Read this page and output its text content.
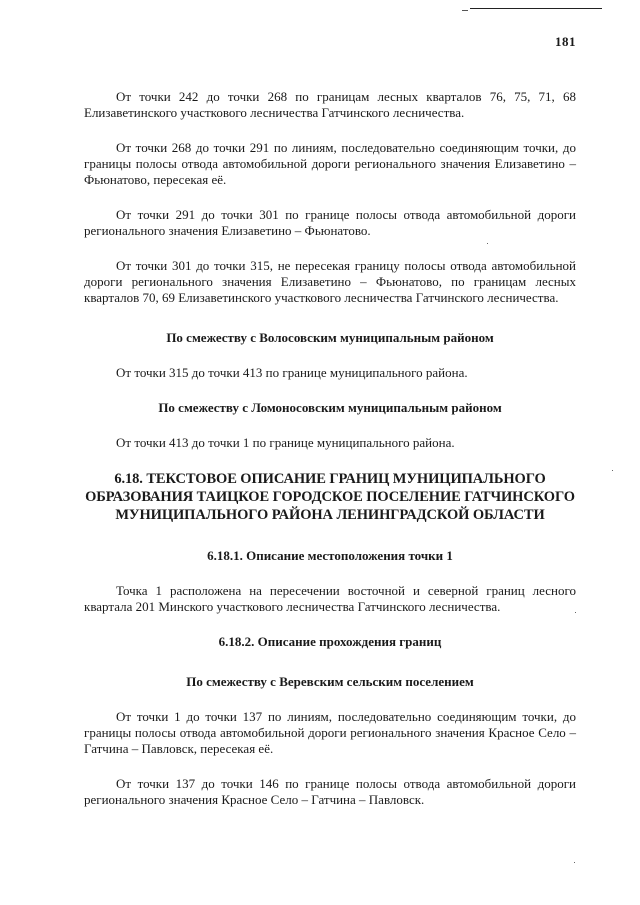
181

От точки 242 до точки 268 по границам лесных кварталов 76, 75, 71, 68 Елизаветинского участкового лесничества Гатчинского лесничества.

От точки 268 до точки 291 по линиям, последовательно соединяющим точки, до границы полосы отвода автомобильной дороги регионального значения Елизаветино – Фьюнатово, пересекая её.

От точки 291 до точки 301 по границе полосы отвода автомобильной дороги регионального значения Елизаветино – Фьюнатово.

От точки 301 до точки 315, не пересекая границу полосы отвода автомобильной дороги регионального значения Елизаветино – Фьюнатово, по границам лесных кварталов 70, 69 Елизаветинского участкового лесничества Гатчинского лесничества.

По смежеству с Волосовским муниципальным районом

От точки 315 до точки 413 по границе муниципального района.

По смежеству с Ломоносовским муниципальным районом

От точки 413 до точки 1 по границе муниципального района.

6.18. ТЕКСТОВОЕ ОПИСАНИЕ ГРАНИЦ МУНИЦИПАЛЬНОГО ОБРАЗОВАНИЯ ТАИЦКОЕ ГОРОДСКОЕ ПОСЕЛЕНИЕ ГАТЧИНСКОГО МУНИЦИПАЛЬНОГО РАЙОНА ЛЕНИНГРАДСКОЙ ОБЛАСТИ
6.18.1. Описание местоположения точки 1

Точка 1 расположена на пересечении восточной и северной границ лесного квартала 201 Минского участкового лесничества Гатчинского лесничества.

6.18.2. Описание прохождения границ
По смежеству с Веревским сельским поселением

От точки 1 до точки 137 по линиям, последовательно соединяющим точки, до границы полосы отвода автомобильной дороги регионального значения Красное Село – Гатчина – Павловск, пересекая её.

От точки 137 до точки 146 по границе полосы отвода автомобильной дороги регионального значения Красное Село – Гатчина – Павловск.
